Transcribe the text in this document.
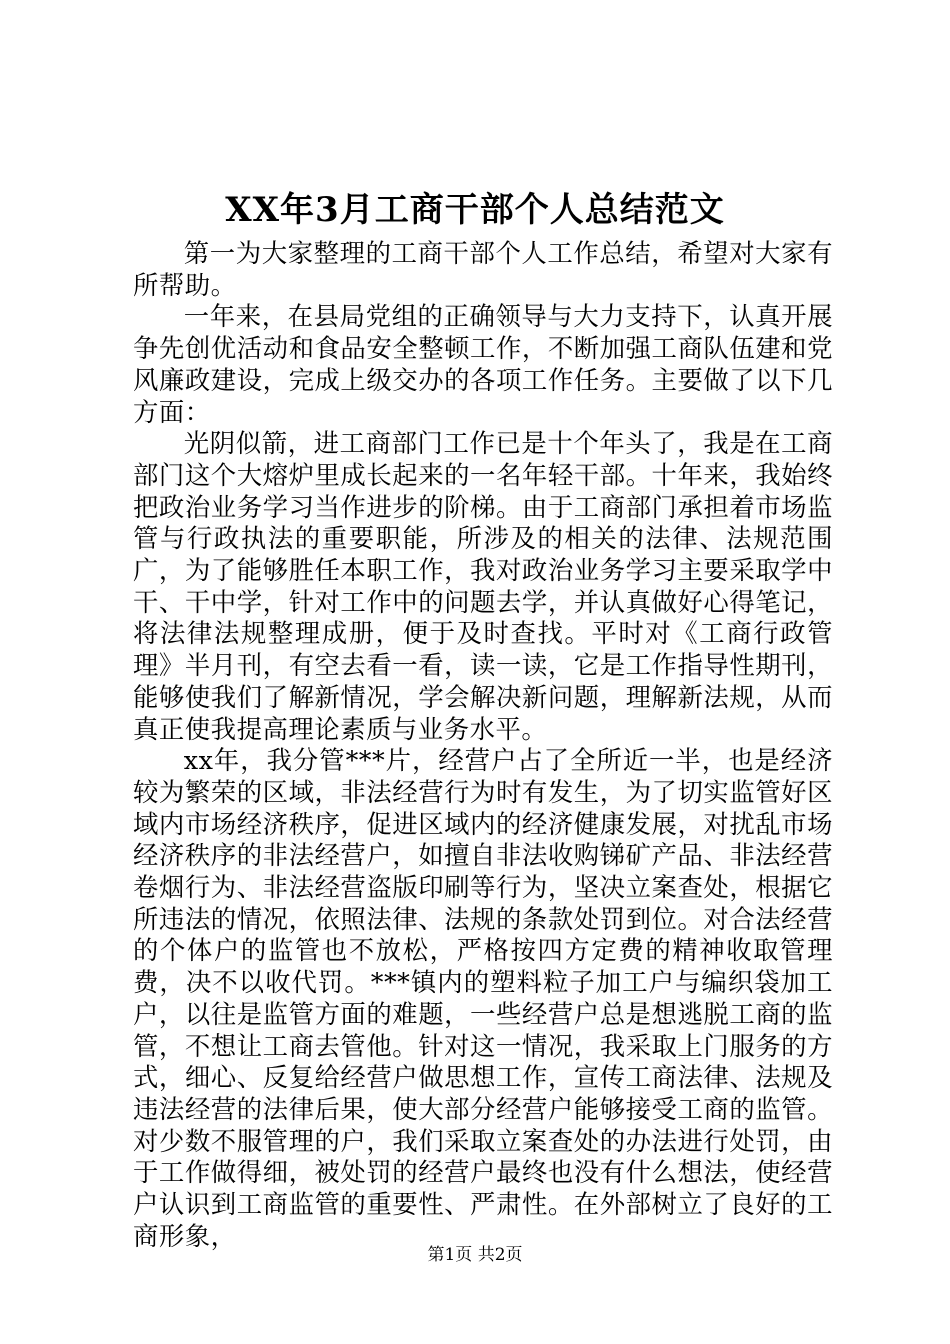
XX年3月工商干部个人总结范文

第一为大家整理的工商干部个人工作总结，希望对大家有所帮助。

一年来，在县局党组的正确领导与大力支持下，认真开展争先创优活动和食品安全整顿工作，不断加强工商队伍建和党风廉政建设，完成上级交办的各项工作任务。主要做了以下几方面：

光阴似箭，进工商部门工作已是十个年头了，我是在工商部门这个大熔炉里成长起来的一名年轻干部。十年来，我始终把政治业务学习当作进步的阶梯。由于工商部门承担着市场监管与行政执法的重要职能，所涉及的相关的法律、法规范围广，为了能够胜任本职工作，我对政治业务学习主要采取学中干、干中学，针对工作中的问题去学，并认真做好心得笔记，将法律法规整理成册，便于及时查找。平时对《工商行政管理》半月刊，有空去看一看，读一读，它是工作指导性期刊，能够使我们了解新情况，学会解决新问题，理解新法规，从而真正使我提高理论素质与业务水平。

xx年，我分管***片，经营户占了全所近一半，也是经济较为繁荣的区域，非法经营行为时有发生，为了切实监管好区域内市场经济秩序，促进区域内的经济健康发展，对扰乱市场经济秩序的非法经营户，如擅自非法收购锑矿产品、非法经营卷烟行为、非法经营盗版印刷等行为，坚决立案查处，根据它所违法的情况，依照法律、法规的条款处罚到位。对合法经营的个体户的监管也不放松，严格按四方定费的精神收取管理费，决不以收代罚。***镇内的塑料粒子加工户与编织袋加工户，以往是监管方面的难题，一些经营户总是想逃脱工商的监管，不想让工商去管他。针对这一情况，我采取上门服务的方式，细心、反复给经营户做思想工作，宣传工商法律、法规及违法经营的法律后果，使大部分经营户能够接受工商的监管。对少数不服管理的户，我们采取立案查处的办法进行处罚，由于工作做得细，被处罚的经营户最终也没有什么想法，使经营户认识到工商监管的重要性、严肃性。在外部树立了良好的工商形象，

第1页 共2页
